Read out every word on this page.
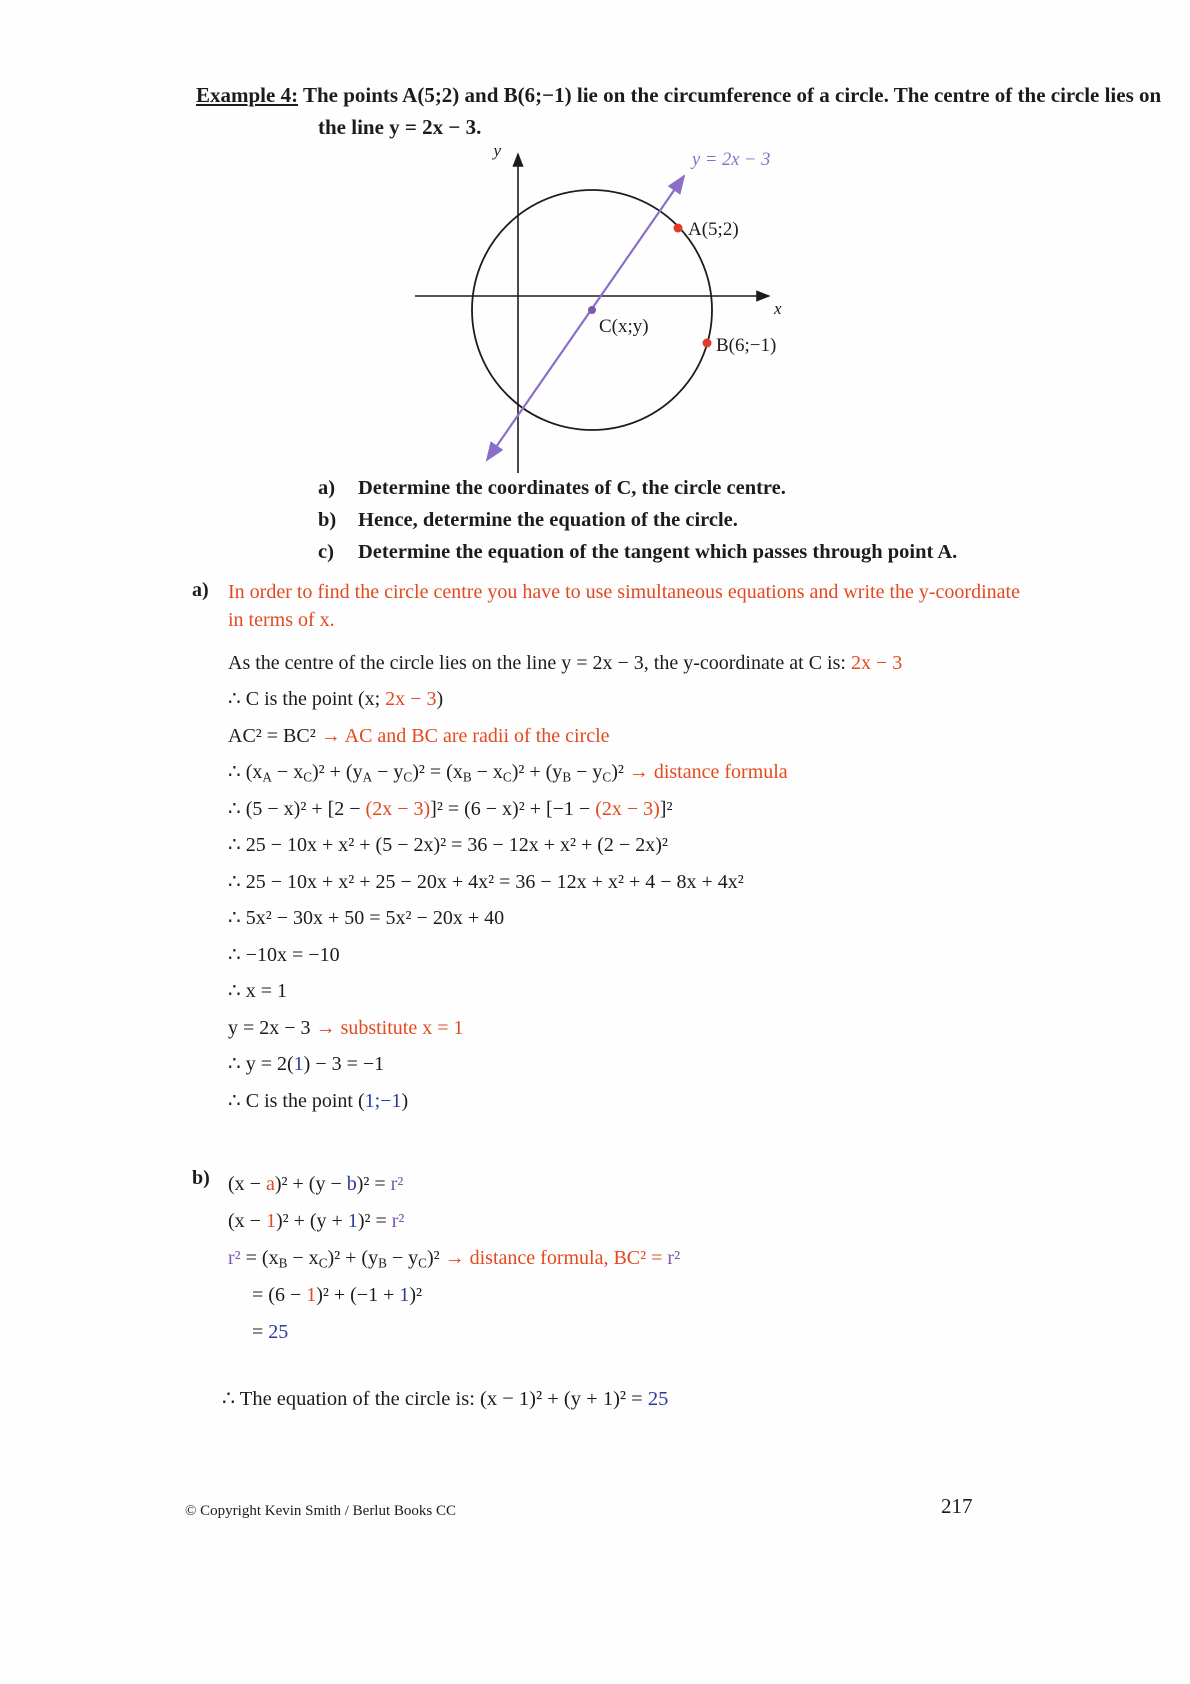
Example 4: The points A(5;2) and B(6;−1) lie on the circumference of a circle. The centre of the circle lies on the line y = 2x − 3.

y
x
y = 2x − 3
A(5;2)
B(6;−1)
C(x;y)
a)	Determine the coordinates of C, the circle centre.
b)	Hence, determine the equation of the circle.
c)	Determine the equation of the tangent which passes through point A.
a) In order to find the circle centre you have to use simultaneous equations and write the y-coordinate in terms of x.

As the centre of the circle lies on the line y = 2x − 3, the y-coordinate at C is: 2x − 3
∴ C is the point (x; 2x − 3)
AC² = BC² → AC and BC are radii of the circle
∴ $(x_A - x_C)^2 + (y_A - y_C)^2 = (x_B - x_C)^2 + (y_B - y_C)^2$ → distance formula
∴ (5 − x)² + [2 − (2x − 3)]² = (6 − x)² + [−1 − (2x − 3)]²
∴ 25 − 10x + x² + (5 − 2x)² = 36 − 12x + x² + (2 − 2x)²
∴ 25 − 10x + x² + 25 − 20x + 4x² = 36 − 12x + x² + 4 − 8x + 4x²
∴ 5x² − 30x + 50 = 5x² − 20x + 40
∴ −10x = −10
∴ x = 1
y = 2x − 3 → substitute x = 1
∴ y = 2(1) − 3 = −1
∴ C is the point (1;−1)
b) (x − a)² + (y − b)² = r²
(x − 1)² + (y + 1)² = r²
$r^2 = (x_B - x_C)^2 + (y_B - y_C)^2$ → distance formula, BC² = r²
= (6 − 1)² + (−1 + 1)²
= 25
∴ The equation of the circle is: (x − 1)² + (y + 1)² = 25
© Copyright Kevin Smith / Berlut Books CC	217
